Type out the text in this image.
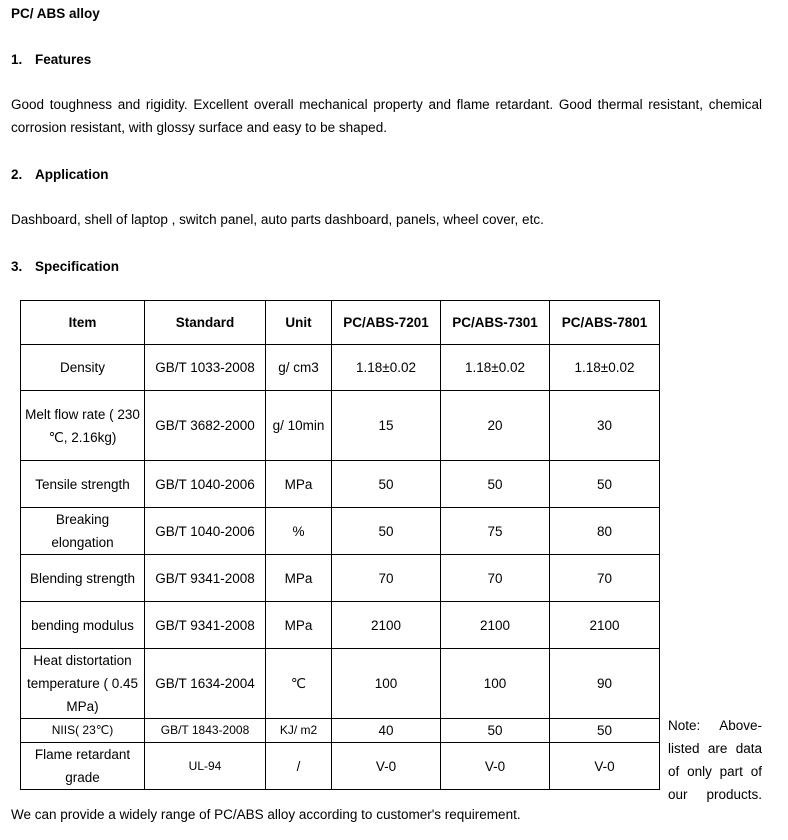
PC/ ABS alloy
1. Features
Good toughness and rigidity. Excellent overall mechanical property and flame retardant. Good thermal resistant, chemical corrosion resistant, with glossy surface and easy to be shaped.
2. Application
Dashboard, shell of laptop , switch panel, auto parts dashboard, panels, wheel cover, etc.
3. Specification
Item	Standard	Unit	PC/ABS-7201	PC/ABS-7301	PC/ABS-7801
Density	GB/T 1033-2008	g/ cm3	1.18±0.02	1.18±0.02	1.18±0.02
Melt flow rate ( 230 ℃, 2.16kg)	GB/T 3682-2000	g/ 10min	15	20	30
Tensile strength	GB/T 1040-2006	MPa	50	50	50
Breaking elongation	GB/T 1040-2006	%	50	75	80
Blending strength	GB/T 9341-2008	MPa	70	70	70
bending modulus	GB/T 9341-2008	MPa	2100	2100	2100
Heat distortation temperature ( 0.45 MPa)	GB/T 1634-2004	℃	100	100	90
NIIS( 23℃)	GB/T 1843-2008	KJ/ m2	40	50	50
Flame retardant grade	UL-94	/	V-0	V-0	V-0
Note: Above-listed are data of only part of our products.
We can provide a widely range of PC/ABS alloy according to customer's requirement.
